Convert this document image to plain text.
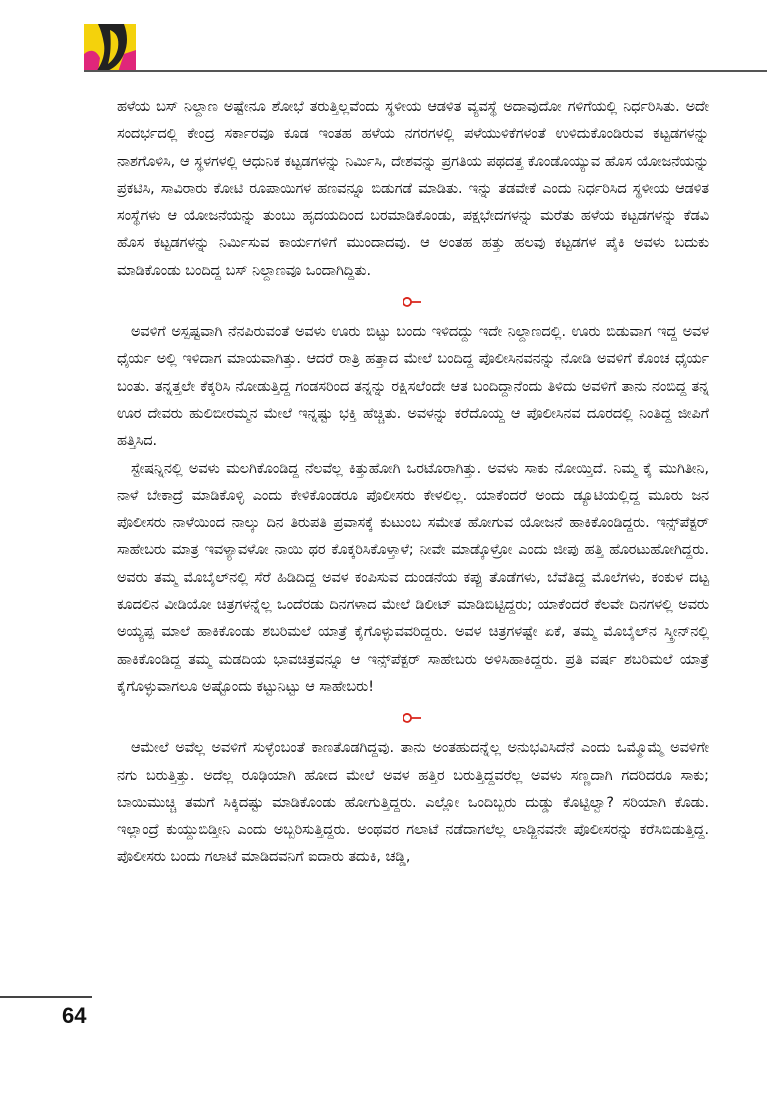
ಹಳೆಯ ಬಸ್ ನಿಲ್ದಾಣ ಅಷ್ಟೇನೂ ಶೋಭೆ ತರುತ್ತಿಲ್ಲವೆಂದು ಸ್ಥಳೀಯ ಆಡಳಿತ ವ್ಯವಸ್ಥೆ ಅದಾವುದೋ ಗಳಿಗೆಯಲ್ಲಿ ನಿರ್ಧರಿಸಿತು. ಅದೇ ಸಂದರ್ಭದಲ್ಲಿ ಕೇಂದ್ರ ಸರ್ಕಾರವೂ ಕೂಡ ಇಂತಹ ಹಳೆಯ ನಗರಗಳಲ್ಲಿ ಪಳೆಯುಳಿಕೆಗಳಂತೆ ಉಳಿದುಕೊಂಡಿರುವ ಕಟ್ಟಡಗಳನ್ನು ನಾಶಗೊಳಿಸಿ, ಆ ಸ್ಥಳಗಳಲ್ಲಿ ಆಧುನಿಕ ಕಟ್ಟಡಗಳನ್ನು ನಿರ್ಮಿಸಿ, ದೇಶವನ್ನು ಪ್ರಗತಿಯ ಪಥದತ್ತ ಕೊಂಡೊಯ್ಯುವ ಹೊಸ ಯೋಜನೆಯನ್ನು ಪ್ರಕಟಿಸಿ, ಸಾವಿರಾರು ಕೋಟಿ ರೂಪಾಯಿಗಳ ಹಣವನ್ನೂ ಬಿಡುಗಡೆ ಮಾಡಿತು. ಇನ್ನು ತಡವೇಕೆ ಎಂದು ನಿರ್ಧರಿಸಿದ ಸ್ಥಳೀಯ ಆಡಳಿತ ಸಂಸ್ಥೆಗಳು ಆ ಯೋಜನೆಯನ್ನು ತುಂಬು ಹೃದಯದಿಂದ ಬರಮಾಡಿಕೊಂಡು, ಪಕ್ಷಭೇದಗಳನ್ನು ಮರೆತು ಹಳೆಯ ಕಟ್ಟಡಗಳನ್ನು ಕೆಡವಿ ಹೊಸ ಕಟ್ಟಡಗಳನ್ನು ನಿರ್ಮಿಸುವ ಕಾರ್ಯಗಳಿಗೆ ಮುಂದಾದವು. ಆ ಅಂತಹ ಹತ್ತು ಹಲವು ಕಟ್ಟಡಗಳ ಪೈಕಿ ಅವಳು ಬದುಕು ಮಾಡಿಕೊಂಡು ಬಂದಿದ್ದ ಬಸ್ ನಿಲ್ದಾಣವೂ ಒಂದಾಗಿದ್ದಿತು.

ಅವಳಿಗೆ ಅಸ್ಪಷ್ಟವಾಗಿ ನೆನಪಿರುವಂತೆ ಅವಳು ಊರು ಬಿಟ್ಟು ಬಂದು ಇಳಿದದ್ದು ಇದೇ ನಿಲ್ದಾಣದಲ್ಲಿ. ಊರು ಬಿಡುವಾಗ ಇದ್ದ ಅವಳ ಧೈರ್ಯ ಅಲ್ಲಿ ಇಳಿದಾಗ ಮಾಯವಾಗಿತ್ತು. ಆದರೆ ರಾತ್ರಿ ಹತ್ತಾದ ಮೇಲೆ ಬಂದಿದ್ದ ಪೊಲೀಸಿನವನನ್ನು ನೋಡಿ ಅವಳಿಗೆ ಕೊಂಚ ಧೈರ್ಯ ಬಂತು. ತನ್ನತ್ತಲೇ ಕೆಕ್ಕರಿಸಿ ನೋಡುತ್ತಿದ್ದ ಗಂಡಸರಿಂದ ತನ್ನನ್ನು ರಕ್ಷಿಸಲೆಂದೇ ಆತ ಬಂದಿದ್ದಾನೆಂದು ತಿಳಿದು ಅವಳಿಗೆ ತಾನು ನಂಬಿದ್ದ ತನ್ನ ಊರ ದೇವರು ಹುಲಿಬೀರಮ್ಮನ ಮೇಲೆ ಇನ್ನಷ್ಟು ಭಕ್ತಿ ಹೆಚ್ಚಿತು. ಅವಳನ್ನು ಕರೆದೊಯ್ದ ಆ ಪೊಲೀಸಿನವ ದೂರದಲ್ಲಿ ನಿಂತಿದ್ದ ಜೀಪಿಗೆ ಹತ್ತಿಸಿದ.

ಸ್ಟೇಷನ್ನಿನಲ್ಲಿ ಅವಳು ಮಲಗಿಕೊಂಡಿದ್ದ ನೆಲವೆಲ್ಲ ಕಿತ್ತುಹೋಗಿ ಒರಟೊರಾಗಿತ್ತು. ಅವಳು ಸಾಕು ನೋಯ್ತಿದೆ. ನಿಮ್ಮ ಕೈ ಮುಗಿತೀನಿ, ನಾಳೆ ಬೇಕಾದ್ರೆ ಮಾಡಿಕೊಳ್ಳಿ ಎಂದು ಕೇಳಿಕೊಂಡರೂ ಪೊಲೀಸರು ಕೇಳಲಿಲ್ಲ. ಯಾಕೆಂದರೆ ಅಂದು ಡ್ಯೂಟಿಯಲ್ಲಿದ್ದ ಮೂರು ಜನ ಪೊಲೀಸರು ನಾಳೆಯಿಂದ ನಾಲ್ಕು ದಿನ ತಿರುಪತಿ ಪ್ರವಾಸಕ್ಕೆ ಕುಟುಂಬ ಸಮೇತ ಹೋಗುವ ಯೋಜನೆ ಹಾಕಿಕೊಂಡಿದ್ದರು. ಇನ್ಸ್‌ಪೆಕ್ಟರ್ ಸಾಹೇಬರು ಮಾತ್ರ ಇವಳ್ಯಾವಳೋ ನಾಯಿ ಥರ ಕೊಕ್ಕರಿಸಿಕೊಳ್ತಾಳೆ; ನೀವೇ ಮಾಡ್ಕೊಳ್ರೋ ಎಂದು ಜೀಪು ಹತ್ತಿ ಹೊರಟುಹೋಗಿದ್ದರು. ಅವರು ತಮ್ಮ ಮೊಬೈಲ್‌ನಲ್ಲಿ ಸೆರೆ ಹಿಡಿದಿದ್ದ ಅವಳ ಕಂಪಿಸುವ ದುಂಡನೆಯ ಕಪ್ಪು ತೊಡೆಗಳು, ಬೆವೆತಿದ್ದ ಮೊಲೆಗಳು, ಕಂಕುಳ ದಟ್ಟ ಕೂದಲಿನ ವೀಡಿಯೋ ಚಿತ್ರಗಳನ್ನೆಲ್ಲ ಒಂದೆರಡು ದಿನಗಳಾದ ಮೇಲೆ ಡಿಲೀಟ್ ಮಾಡಿಬಿಟ್ಟಿದ್ದರು; ಯಾಕೆಂದರೆ ಕೆಲವೇ ದಿನಗಳಲ್ಲಿ ಅವರು ಅಯ್ಯಪ್ಪ ಮಾಲೆ ಹಾಕಿಕೊಂಡು ಶಬರಿಮಲೆ ಯಾತ್ರೆ ಕೈಗೊಳ್ಳುವವರಿದ್ದರು. ಅವಳ ಚಿತ್ರಗಳಷ್ಟೇ ಏಕೆ, ತಮ್ಮ ಮೊಬೈಲ್‌ನ ಸ್ಕ್ರೀನ್‌ನಲ್ಲಿ ಹಾಕಿಕೊಂಡಿದ್ದ ತಮ್ಮ ಮಡದಿಯ ಭಾವಚಿತ್ರವನ್ನೂ ಆ ಇನ್ಸ್‌ಪೆಕ್ಟರ್ ಸಾಹೇಬರು ಅಳಿಸಿಹಾಕಿದ್ದರು. ಪ್ರತಿ ವರ್ಷ ಶಬರಿಮಲೆ ಯಾತ್ರೆ ಕೈಗೊಳ್ಳುವಾಗಲೂ ಅಷ್ಟೊಂದು ಕಟ್ಟುನಿಟ್ಟು ಆ ಸಾಹೇಬರು!

ಆಮೇಲೆ ಅವೆಲ್ಲ ಅವಳಿಗೆ ಸುಳ್ಳೆಂಬಂತೆ ಕಾಣತೊಡಗಿದ್ದವು. ತಾನು ಅಂತಹುದನ್ನೆಲ್ಲ ಅನುಭವಿಸಿದೆನೆ ಎಂದು ಒಮ್ಮೊಮ್ಮೆ ಅವಳಿಗೇ ನಗು ಬರುತ್ತಿತ್ತು. ಅದೆಲ್ಲ ರೂಢಿಯಾಗಿ ಹೋದ ಮೇಲೆ ಅವಳ ಹತ್ತಿರ ಬರುತ್ತಿದ್ದವರೆಲ್ಲ ಅವಳು ಸಣ್ಣದಾಗಿ ಗದರಿದರೂ ಸಾಕು; ಬಾಯಿಮುಚ್ಚಿ ತಮಗೆ ಸಿಕ್ಕಿದಷ್ಟು ಮಾಡಿಕೊಂಡು ಹೋಗುತ್ತಿದ್ದರು. ಎಲ್ಲೋ ಒಂದಿಬ್ಬರು ದುಡ್ಡು ಕೊಟ್ಟಿಲ್ವಾ? ಸರಿಯಾಗಿ ಕೊಡು. ಇಲ್ಲಾಂದ್ರೆ ಕುಯ್ದುಬಿಡ್ತೀನಿ ಎಂದು ಅಬ್ಬರಿಸುತ್ತಿದ್ದರು. ಅಂಥವರ ಗಲಾಟೆ ನಡೆದಾಗಲೆಲ್ಲ ಲಾಡ್ಜಿನವನೇ ಪೊಲೀಸರನ್ನು ಕರೆಸಿಬಿಡುತ್ತಿದ್ದ. ಪೊಲೀಸರು ಬಂದು ಗಲಾಟೆ ಮಾಡಿದವನಿಗೆ ಐದಾರು ತದುಕಿ, ಚಡ್ಡಿ,

64
